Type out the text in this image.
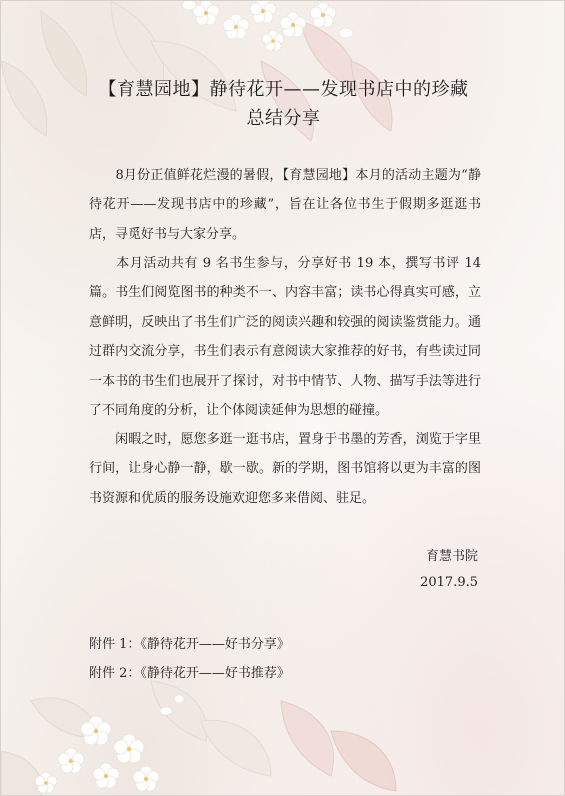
【育慧园地】静待花开——发现书店中的珍藏
总结分享
　　8月份正值鲜花烂漫的暑假，【育慧园地】本月的活动主题为“静待花开——发现书店中的珍藏”，旨在让各位书生于假期多逛逛书店，寻觅好书与大家分享。
　　本月活动共有 9 名书生参与，分享好书 19 本，撰写书评 14 篇。书生们阅览图书的种类不一、内容丰富；读书心得真实可感，立意鲜明，反映出了书生们广泛的阅读兴趣和较强的阅读鉴赏能力。通过群内交流分享，书生们表示有意阅读大家推荐的好书，有些读过同一本书的书生们也展开了探讨，对书中情节、人物、描写手法等进行了不同角度的分析，让个体阅读延伸为思想的碰撞。
　　闲暇之时，愿您多逛一逛书店，置身于书墨的芳香，浏览于字里行间，让身心静一静，歇一歇。新的学期，图书馆将以更为丰富的图书资源和优质的服务设施欢迎您多来借阅、驻足。
育慧书院
2017.9.5
附件 1：《静待花开——好书分享》
附件 2：《静待花开——好书推荐》
